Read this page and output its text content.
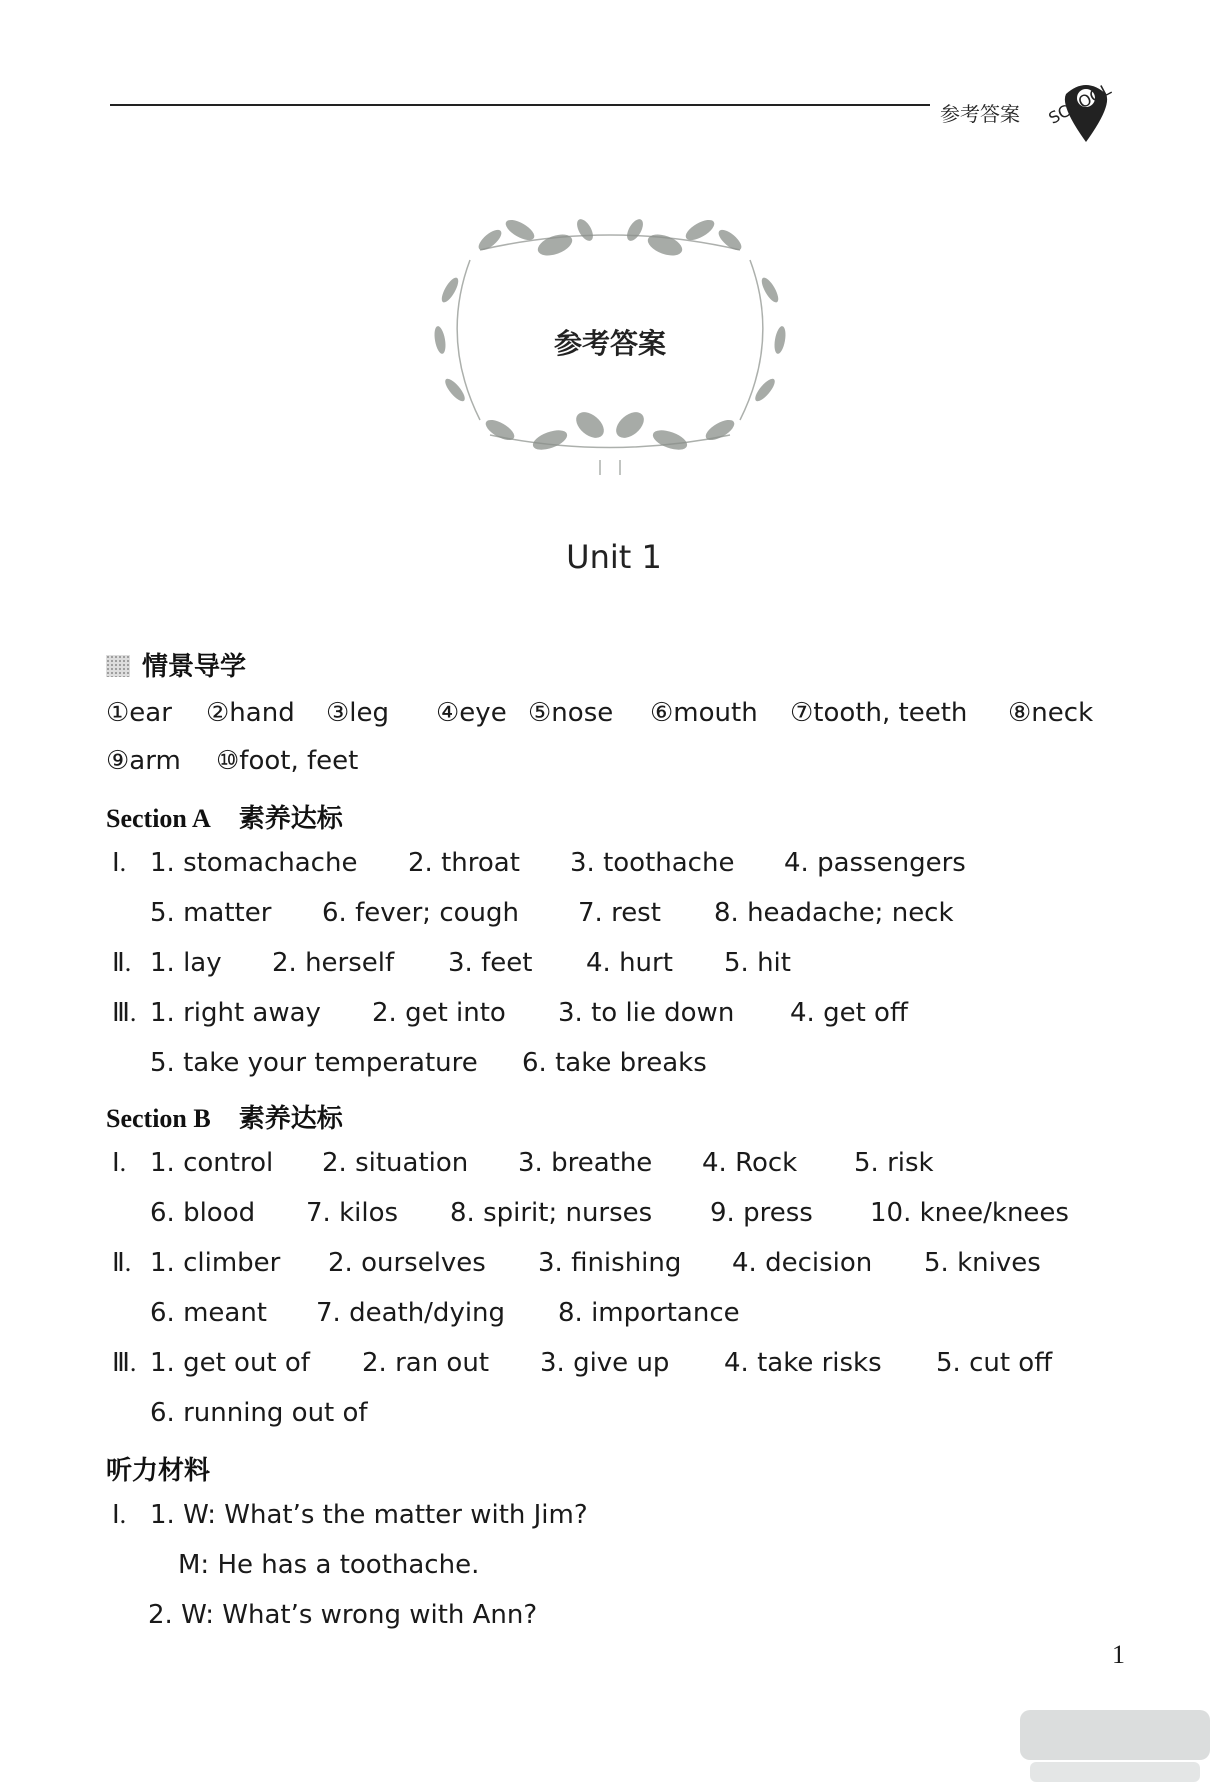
参考答案 SCHOOL
参考答案
Unit 1
情景导学
①ear ②hand ③leg ④eye ⑤nose ⑥mouth ⑦tooth, teeth ⑧neck
⑨arm ⑩foot, feet
Section A 素养达标
Ⅰ. 1. stomachache 2. throat 3. toothache 4. passengers
5. matter 6. fever; cough 7. rest 8. headache; neck
Ⅱ. 1. lay 2. herself 3. feet 4. hurt 5. hit
Ⅲ. 1. right away 2. get into 3. to lie down 4. get off
5. take your temperature 6. take breaks
Section B 素养达标
Ⅰ. 1. control 2. situation 3. breathe 4. Rock 5. risk
6. blood 7. kilos 8. spirit; nurses 9. press 10. knee/knees
Ⅱ. 1. climber 2. ourselves 3. finishing 4. decision 5. knives
6. meant 7. death/dying 8. importance
Ⅲ. 1. get out of 2. ran out 3. give up 4. take risks 5. cut off
6. running out of
听力材料
Ⅰ. 1. W: What’s the matter with Jim?
M: He has a toothache.
2. W: What’s wrong with Ann?
1
